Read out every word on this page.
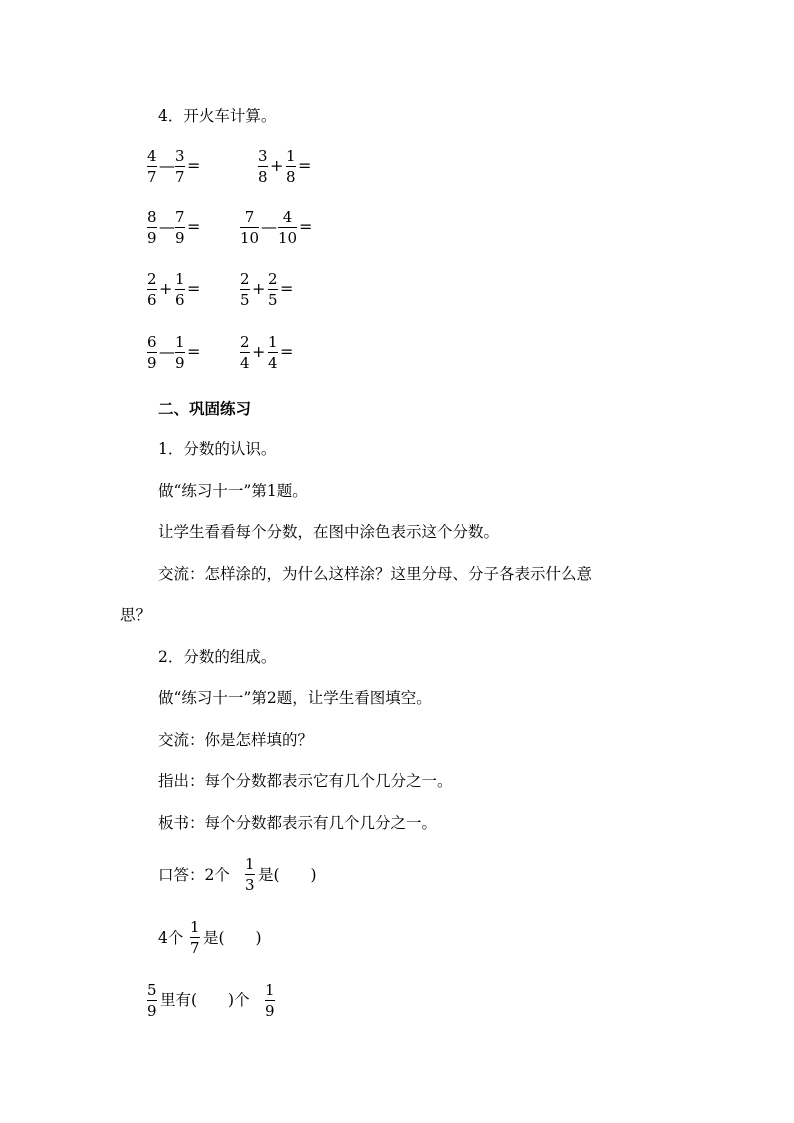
4．开火车计算。
$\frac{4}{7}$ — $\frac{3}{7}$ =	$\frac{3}{8} + \frac{1}{8}$ =
$\frac{8}{9}$ — $\frac{7}{9}$ =	$\frac{7}{10}$ — $\frac{4}{10}$ =
$\frac{2}{6} + \frac{1}{6}$ =	$\frac{2}{5} + \frac{2}{5}$ =
$\frac{6}{9}$ — $\frac{1}{9}$ =	$\frac{2}{4} + \frac{1}{4}$ =
二、巩固练习
1．分数的认识。
做“练习十一”第1题。
让学生看看每个分数，在图中涂色表示这个分数。
交流：怎样涂的，为什么这样涂？这里分母、分子各表示什么意
思？
2．分数的组成。
做“练习十一”第2题，让学生看图填空。
交流：你是怎样填的？
指出：每个分数都表示它有几个几分之一。
板书：每个分数都表示有几个几分之一。
口答：2个 $\frac{1}{3}$ 是(　　)
4个 $\frac{1}{7}$ 是(　　)
$\frac{5}{9}$ 里有(　　)个 $\frac{1}{9}$
